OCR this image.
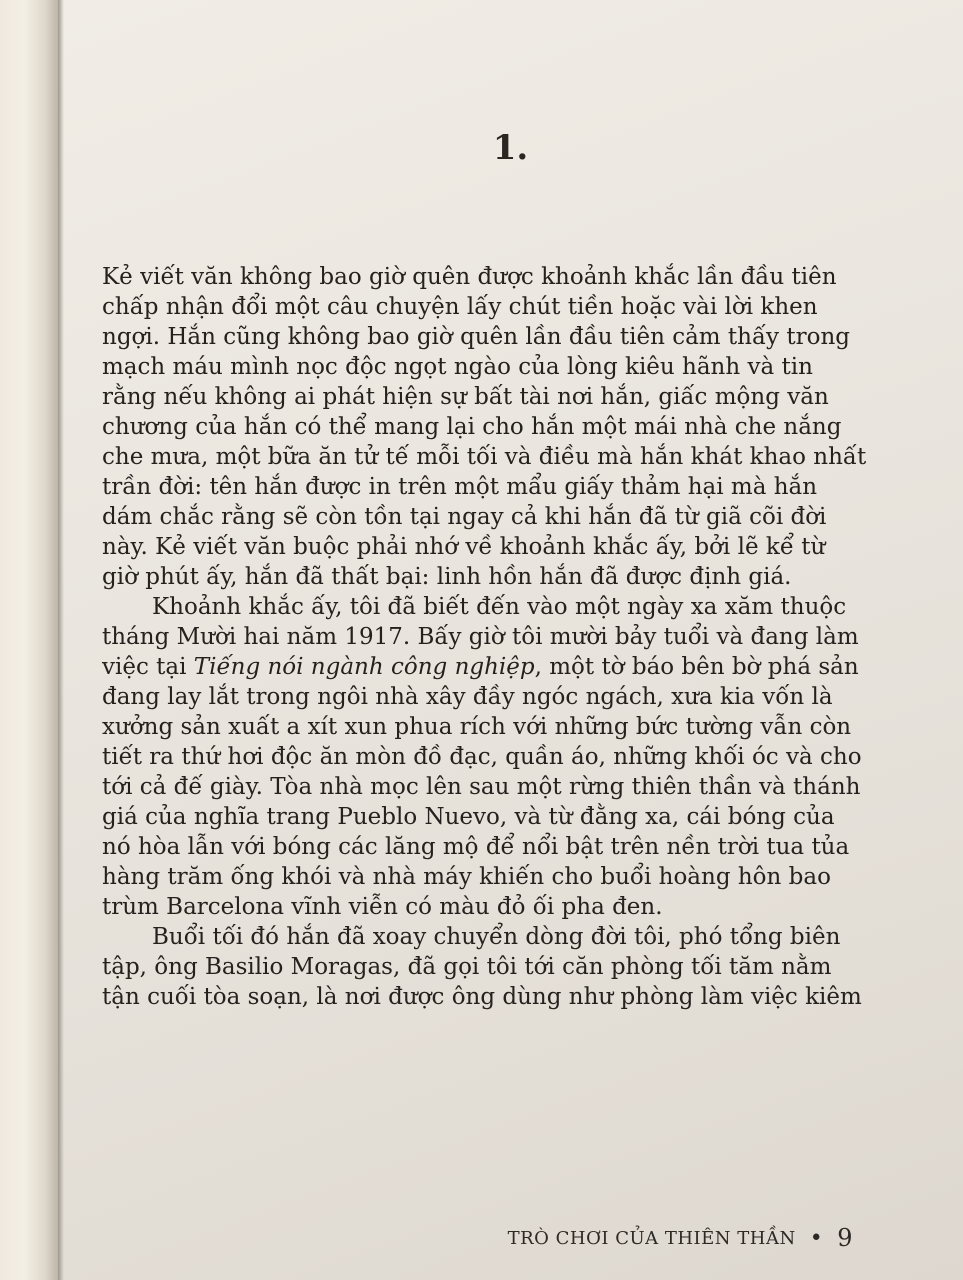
1.

Kẻ viết văn không bao giờ quên được khoảnh khắc lần đầu tiên
chấp nhận đổi một câu chuyện lấy chút tiền hoặc vài lời khen
ngợi. Hắn cũng không bao giờ quên lần đầu tiên cảm thấy trong
mạch máu mình nọc độc ngọt ngào của lòng kiêu hãnh và tin
rằng nếu không ai phát hiện sự bất tài nơi hắn, giấc mộng văn
chương của hắn có thể mang lại cho hắn một mái nhà che nắng
che mưa, một bữa ăn tử tế mỗi tối và điều mà hắn khát khao nhất
trần đời: tên hắn được in trên một mẩu giấy thảm hại mà hắn
dám chắc rằng sẽ còn tồn tại ngay cả khi hắn đã từ giã cõi đời
này. Kẻ viết văn buộc phải nhớ về khoảnh khắc ấy, bởi lẽ kể từ
giờ phút ấy, hắn đã thất bại: linh hồn hắn đã được định giá.

Khoảnh khắc ấy, tôi đã biết đến vào một ngày xa xăm thuộc
tháng Mười hai năm 1917. Bấy giờ tôi mười bảy tuổi và đang làm
việc tại Tiếng nói ngành công nghiệp, một tờ báo bên bờ phá sản
đang lay lắt trong ngôi nhà xây đầy ngóc ngách, xưa kia vốn là
xưởng sản xuất a xít xun phua rích với những bức tường vẫn còn
tiết ra thứ hơi độc ăn mòn đồ đạc, quần áo, những khối óc và cho
tới cả đế giày. Tòa nhà mọc lên sau một rừng thiên thần và thánh
giá của nghĩa trang Pueblo Nuevo, và từ đằng xa, cái bóng của
nó hòa lẫn với bóng các lăng mộ để nổi bật trên nền trời tua tủa
hàng trăm ống khói và nhà máy khiến cho buổi hoàng hôn bao
trùm Barcelona vĩnh viễn có màu đỏ ối pha đen.

Buổi tối đó hắn đã xoay chuyển dòng đời tôi, phó tổng biên
tập, ông Basilio Moragas, đã gọi tôi tới căn phòng tối tăm nằm
tận cuối tòa soạn, là nơi được ông dùng như phòng làm việc kiêm

TRÒ CHƠI CỦA THIÊN THẦN • 9
